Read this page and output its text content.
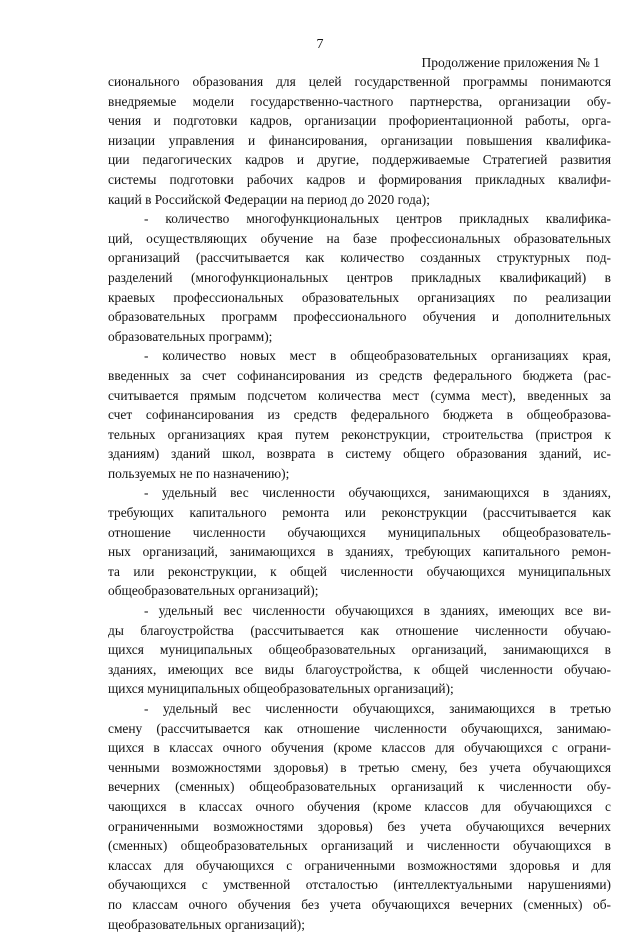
7
Продолжение приложения № 1
сионального образования для целей государственной программы понимаются
внедряемые модели государственно-частного партнерства, организации обу-
чения и подготовки кадров, организации профориентационной работы, орга-
низации управления и финансирования, организации повышения квалифика-
ции педагогических кадров и другие, поддерживаемые Стратегией развития
системы подготовки рабочих кадров и формирования прикладных квалифи-
каций в Российской Федерации на период до 2020 года);
- количество многофункциональных центров прикладных квалифика-
ций, осуществляющих обучение на базе профессиональных образовательных
организаций (рассчитывается как количество созданных структурных под-
разделений (многофункциональных центров прикладных квалификаций) в
краевых профессиональных образовательных организациях по реализации
образовательных программ профессионального обучения и дополнительных
образовательных программ);
- количество новых мест в общеобразовательных организациях края,
введенных за счет софинансирования из средств федерального бюджета (рас-
считывается прямым подсчетом количества мест (сумма мест), введенных за
счет софинансирования из средств федерального бюджета в общеобразова-
тельных организациях края путем реконструкции, строительства (пристроя к
зданиям) зданий школ, возврата в систему общего образования зданий, ис-
пользуемых не по назначению);
- удельный вес численности обучающихся, занимающихся в зданиях,
требующих капитального ремонта или реконструкции (рассчитывается как
отношение численности обучающихся муниципальных общеобразователь-
ных организаций, занимающихся в зданиях, требующих капитального ремон-
та или реконструкции, к общей численности обучающихся муниципальных
общеобразовательных организаций);
- удельный вес численности обучающихся в зданиях, имеющих все ви-
ды благоустройства (рассчитывается как отношение численности обучаю-
щихся муниципальных общеобразовательных организаций, занимающихся в
зданиях, имеющих все виды благоустройства, к общей численности обучаю-
щихся муниципальных общеобразовательных организаций);
- удельный вес численности обучающихся, занимающихся в третью
смену (рассчитывается как отношение численности обучающихся, занимаю-
щихся в классах очного обучения (кроме классов для обучающихся с ограни-
ченными возможностями здоровья) в третью смену, без учета обучающихся
вечерних (сменных) общеобразовательных организаций к численности обу-
чающихся в классах очного обучения (кроме классов для обучающихся с
ограниченными возможностями здоровья) без учета обучающихся вечерних
(сменных) общеобразовательных организаций и численности обучающихся в
классах для обучающихся с ограниченными возможностями здоровья и для
обучающихся с умственной отсталостью (интеллектуальными нарушениями)
по классам очного обучения без учета обучающихся вечерних (сменных) об-
щеобразовательных организаций);
